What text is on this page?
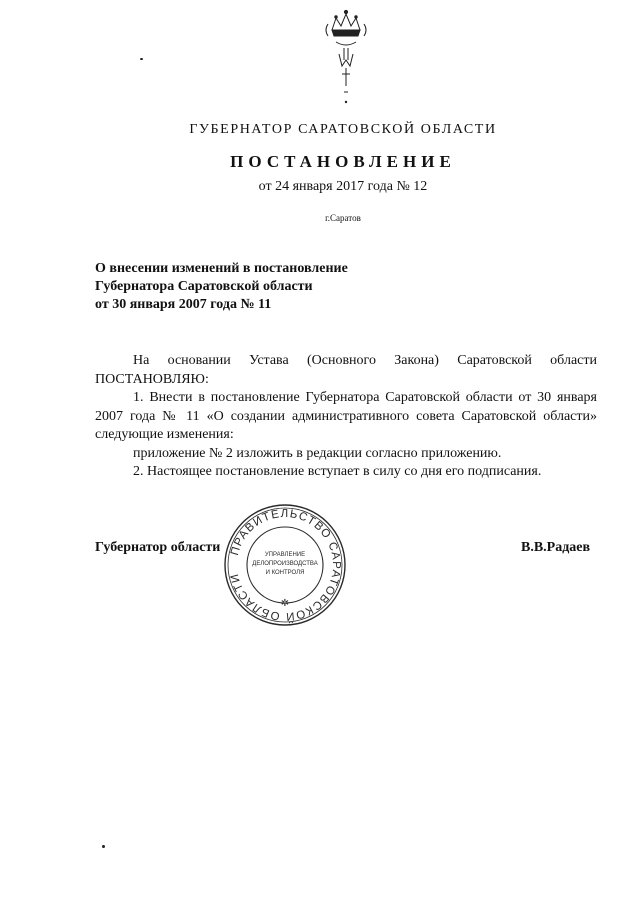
ГУБЕРНАТОР САРАТОВСКОЙ ОБЛАСТИ
ПОСТАНОВЛЕНИЕ
от 24 января 2017 года № 12
г.Саратов
О внесении изменений в постановление
Губернатора Саратовской области
от 30 января 2007 года № 11

На основании Устава (Основного Закона) Саратовской области

ПОСТАНОВЛЯЮ:

1. Внести в постановление Губернатора Саратовской области от 30 января

2007 года № 11 «О создании административного совета Саратовской области»

следующие изменения:

приложение № 2 изложить в редакции согласно приложению.

2. Настоящее постановление вступает в силу со дня его подписания.

Губернатор области	В.В.Радаев
ПРАВИТЕЛЬСТВО САРАТОВСКОЙ ОБЛАСТИ
✲
УПРАВЛЕНИЕ
ДЕЛОПРОИЗВОДСТВА
И КОНТРОЛЯ
